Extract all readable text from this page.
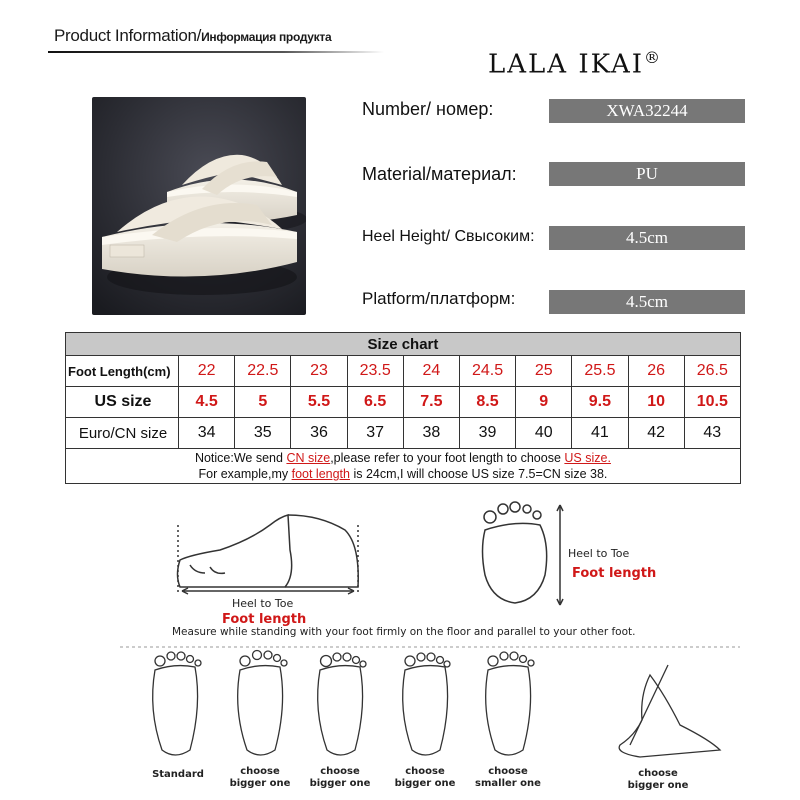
Product Information/Информация продукта
LALA IKAI®
Number/ номер:	XWA32244
Material/материал:	PU
Heel Height/ Свысоким:	4.5cm
Platform/платформ:	4.5cm
Size chart										
Foot Length(cm)	22	22.5	23	23.5	24	24.5	25	25.5	26	26.5
US size	4.5	5	5.5	6.5	7.5	8.5	9	9.5	10	10.5
Euro/CN size	34	35	36	37	38	39	40	41	42	43

Notice:We send CN size,please refer to your foot length to choose US size.
For example,my foot length is 24cm,I will choose US size 7.5=CN size 38.										
Heel to Toe
Foot length
Heel to Toe
Foot length
Measure while standing with your foot firmly on the floor and parallel to your other foot.
Standard	choose
bigger one
choose
bigger one
choose
bigger one
choose
smaller one
choose
bigger one
